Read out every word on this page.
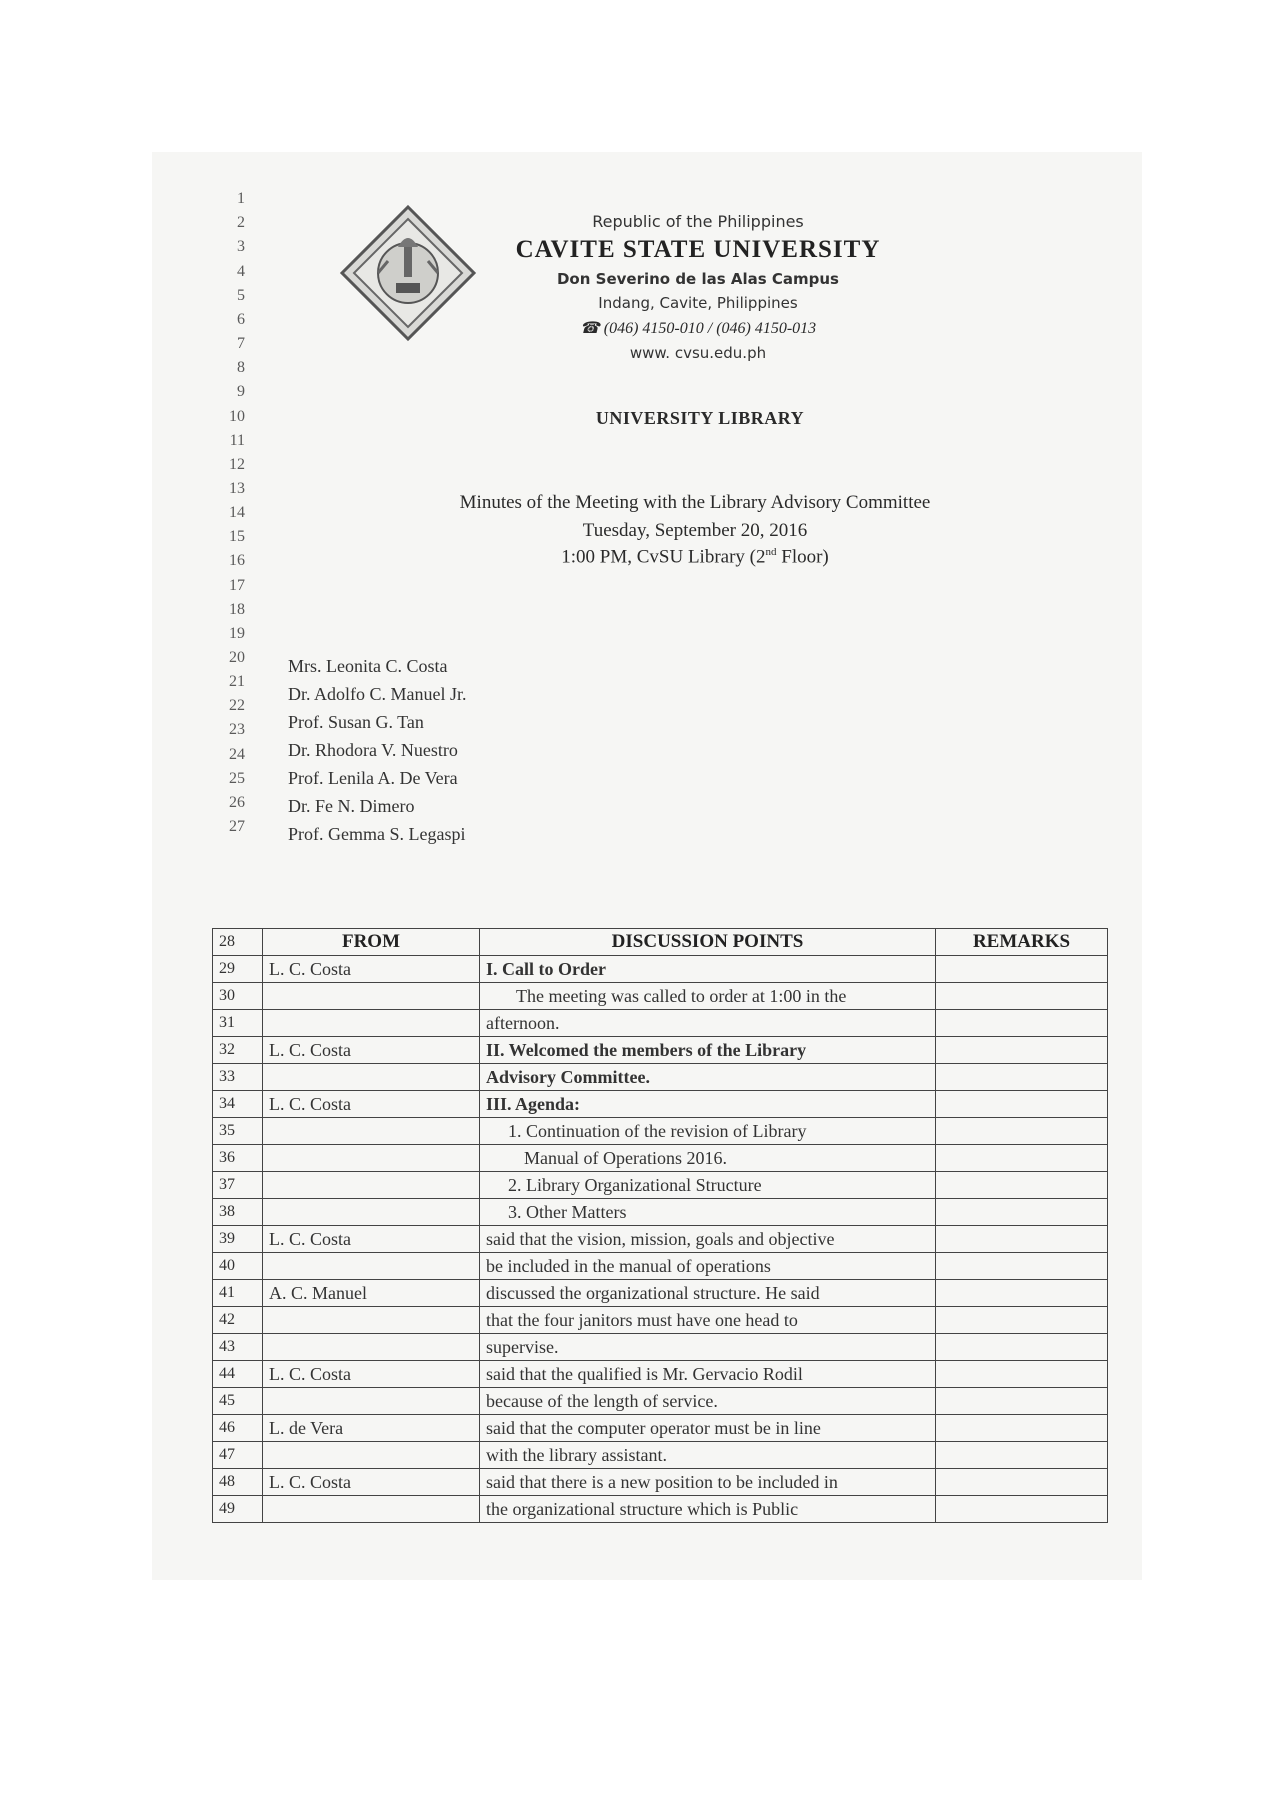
1
2
3
4
5
6
7
8
9
10
11
12
13
14
15
16
17
18
19
20
21
22
23
24
25
26
27
Republic of the Philippines
CAVITE STATE UNIVERSITY
Don Severino de las Alas Campus
Indang, Cavite, Philippines
☎ (046) 4150-010 / (046) 4150-013
www. cvsu.edu.ph
UNIVERSITY LIBRARY
Minutes of the Meeting with the Library Advisory Committee
Tuesday, September 20, 2016
1:00 PM, CvSU Library (2nd Floor)
Mrs. Leonita C. Costa
Dr. Adolfo C. Manuel Jr.
Prof. Susan G. Tan
Dr. Rhodora V. Nuestro
Prof. Lenila A. De Vera
Dr. Fe N. Dimero
Prof. Gemma S. Legaspi
28	FROM	DISCUSSION POINTS	REMARKS
29	L. C. Costa	I. Call to Order	
30		The meeting was called to order at 1:00 in the	
31		afternoon.	
32	L. C. Costa	II. Welcomed the members of the Library	
33		Advisory Committee.	
34	L. C. Costa	III. Agenda:	
35		1. Continuation of the revision of Library	
36		Manual of Operations 2016.	
37		2. Library Organizational Structure	
38		3. Other Matters	
39	L. C. Costa	said that the vision, mission, goals and objective	
40		be included in the manual of operations	
41	A. C. Manuel	discussed the organizational structure. He said	
42		that the four janitors must have one head to	
43		supervise.	
44	L. C. Costa	said that the qualified is Mr. Gervacio Rodil	
45		because of the length of service.	
46	L. de Vera	said that the computer operator must be in line	
47		with the library assistant.	
48	L. C. Costa	said that there is a new position to be included in	
49		the organizational structure which is Public	
